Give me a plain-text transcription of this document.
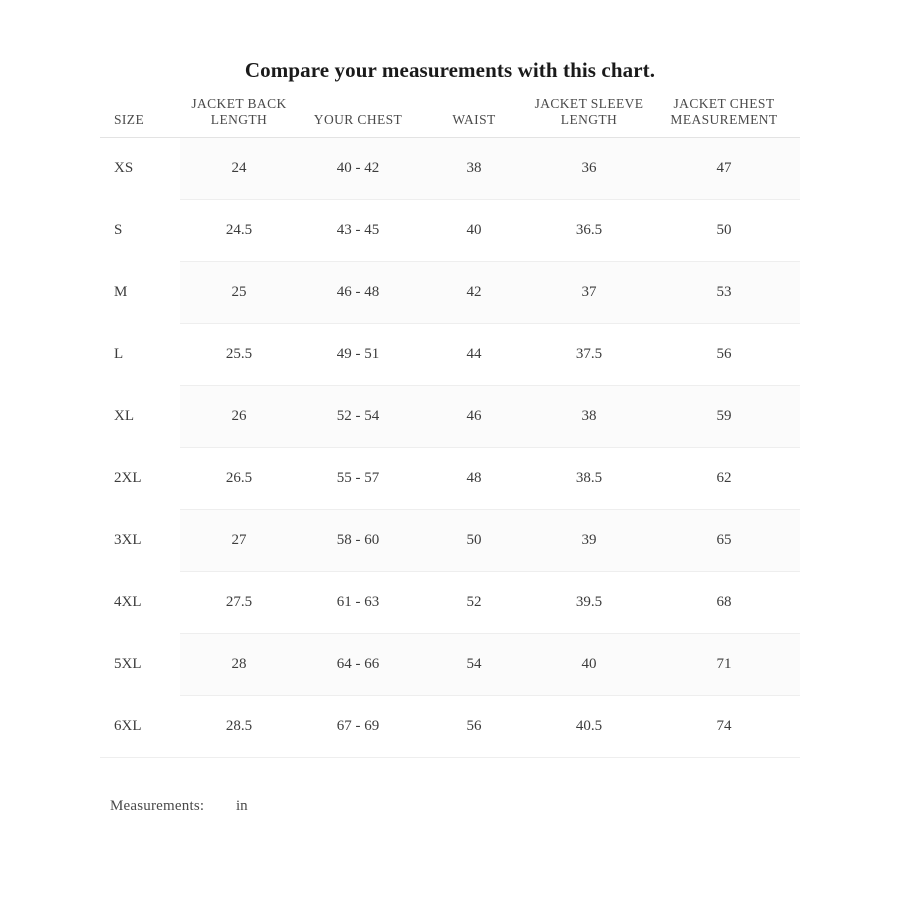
Compare your measurements with this chart.
SIZE	JACKET BACK LENGTH	YOUR CHEST	WAIST	JACKET SLEEVE LENGTH	JACKET CHEST MEASUREMENT
XS	24	40 - 42	38	36	47
S	24.5	43 - 45	40	36.5	50
M	25	46 - 48	42	37	53
L	25.5	49 - 51	44	37.5	56
XL	26	52 - 54	46	38	59
2XL	26.5	55 - 57	48	38.5	62
3XL	27	58 - 60	50	39	65
4XL	27.5	61 - 63	52	39.5	68
5XL	28	64 - 66	54	40	71
6XL	28.5	67 - 69	56	40.5	74
Measurements: in
